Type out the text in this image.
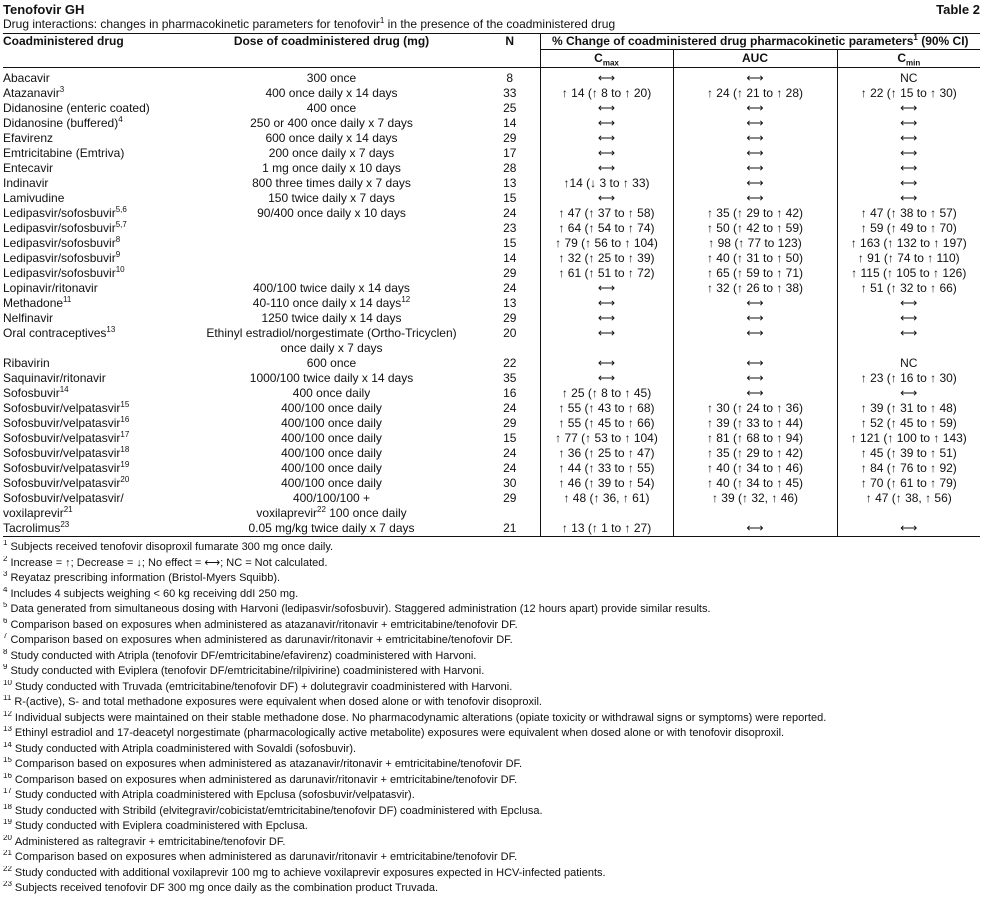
Tenofovir GH	Table 2
Drug interactions: changes in pharmacokinetic parameters for tenofovir$^1$ in the presence of the coadministered drug
Coadministered drug	Dose of coadministered drug (mg)	N	% Change of coadministered drug pharmacokinetic parameters$^1$ (90% CI)		
			$C_{max}$	AUC	$C_{min}$
Abacavir	300 once	8	⟷	⟷	NC
Atazanavir$^3$	400 once daily x 14 days	33	↑ 14 (↑ 8 to ↑ 20)	↑ 24 (↑ 21 to ↑ 28)	↑ 22 (↑ 15 to ↑ 30)
Didanosine (enteric coated)	400 once	25	⟷	⟷	⟷
Didanosine (buffered)$^4$	250 or 400 once daily x 7 days	14	⟷	⟷	⟷
Efavirenz	600 once daily x 14 days	29	⟷	⟷	⟷
Emtricitabine (Emtriva)	200 once daily x 7 days	17	⟷	⟷	⟷
Entecavir	1 mg once daily x 10 days	28	⟷	⟷	⟷
Indinavir	800 three times daily x 7 days	13	↑14 (↓ 3 to ↑ 33)	⟷	⟷
Lamivudine	150 twice daily x 7 days	15	⟷	⟷	⟷
Ledipasvir/sofosbuvir$^{5,6}$	90/400 once daily x 10 days	24	↑ 47 (↑ 37 to ↑ 58)	↑ 35 (↑ 29 to ↑ 42)	↑ 47 (↑ 38 to ↑ 57)
Ledipasvir/sofosbuvir$^{5,7}$		23	↑ 64 (↑ 54 to ↑ 74)	↑ 50 (↑ 42 to ↑ 59)	↑ 59 (↑ 49 to ↑ 70)
Ledipasvir/sofosbuvir$^8$		15	↑ 79 (↑ 56 to ↑ 104)	↑ 98 (↑ 77 to 123)	↑ 163 (↑ 132 to ↑ 197)
Ledipasvir/sofosbuvir$^9$		14	↑ 32 (↑ 25 to ↑ 39)	↑ 40 (↑ 31 to ↑ 50)	↑ 91 (↑ 74 to ↑ 110)
Ledipasvir/sofosbuvir$^{10}$		29	↑ 61 (↑ 51 to ↑ 72)	↑ 65 (↑ 59 to ↑ 71)	↑ 115 (↑ 105 to ↑ 126)
Lopinavir/ritonavir	400/100 twice daily x 14 days	24	⟷	↑ 32 (↑ 26 to ↑ 38)	↑ 51 (↑ 32 to ↑ 66)
Methadone$^{11}$	40-110 once daily x 14 days$^{12}$	13	⟷	⟷	⟷
Nelfinavir	1250 twice daily x 14 days	29	⟷	⟷	⟷
Oral contraceptives$^{13}$	Ethinyl estradiol/norgestimate (Ortho-Tricyclen)	20	⟷	⟷	⟷
	once daily x 7 days				
Ribavirin	600 once	22	⟷	⟷	NC
Saquinavir/ritonavir	1000/100 twice daily x 14 days	35	⟷	⟷	↑ 23 (↑ 16 to ↑ 30)
Sofosbuvir$^{14}$	400 once daily	16	↑ 25 (↑ 8 to ↑ 45)	⟷	⟷
Sofosbuvir/velpatasvir$^{15}$	400/100 once daily	24	↑ 55 (↑ 43 to ↑ 68)	↑ 30 (↑ 24 to ↑ 36)	↑ 39 (↑ 31 to ↑ 48)
Sofosbuvir/velpatasvir$^{16}$	400/100 once daily	29	↑ 55 (↑ 45 to ↑ 66)	↑ 39 (↑ 33 to ↑ 44)	↑ 52 (↑ 45 to ↑ 59)
Sofosbuvir/velpatasvir$^{17}$	400/100 once daily	15	↑ 77 (↑ 53 to ↑ 104)	↑ 81 (↑ 68 to ↑ 94)	↑ 121 (↑ 100 to ↑ 143)
Sofosbuvir/velpatasvir$^{18}$	400/100 once daily	24	↑ 36 (↑ 25 to ↑ 47)	↑ 35 (↑ 29 to ↑ 42)	↑ 45 (↑ 39 to ↑ 51)
Sofosbuvir/velpatasvir$^{19}$	400/100 once daily	24	↑ 44 (↑ 33 to ↑ 55)	↑ 40 (↑ 34 to ↑ 46)	↑ 84 (↑ 76 to ↑ 92)
Sofosbuvir/velpatasvir$^{20}$	400/100 once daily	30	↑ 46 (↑ 39 to ↑ 54)	↑ 40 (↑ 34 to ↑ 45)	↑ 70 (↑ 61 to ↑ 79)
Sofosbuvir/velpatasvir/	400/100/100 +	29	↑ 48 (↑ 36, ↑ 61)	↑ 39 (↑ 32, ↑ 46)	↑ 47 (↑ 38, ↑ 56)
voxilaprevir$^{21}$	voxilaprevir$^{22}$ 100 once daily				
Tacrolimus$^{23}$	0.05 mg/kg twice daily x 7 days	21	↑ 13 (↑ 1 to ↑ 27)	⟷	⟷
$^1$ Subjects received tenofovir disoproxil fumarate 300 mg once daily.
$^2$ Increase = ↑; Decrease = ↓; No effect = ⟷; NC = Not calculated.
$^3$ Reyataz prescribing information (Bristol-Myers Squibb).
$^4$ Includes 4 subjects weighing < 60 kg receiving ddI 250 mg.
$^5$ Data generated from simultaneous dosing with Harvoni (ledipasvir/sofosbuvir). Staggered administration (12 hours apart) provide similar results.
$^6$ Comparison based on exposures when administered as atazanavir/ritonavir + emtricitabine/tenofovir DF.
$^7$ Comparison based on exposures when administered as darunavir/ritonavir + emtricitabine/tenofovir DF.
$^8$ Study conducted with Atripla (tenofovir DF/emtricitabine/efavirenz) coadministered with Harvoni.
$^9$ Study conducted with Eviplera (tenofovir DF/emtricitabine/rilpivirine) coadministered with Harvoni.
$^{10}$ Study conducted with Truvada (emtricitabine/tenofovir DF) + dolutegravir coadministered with Harvoni.
$^{11}$ R-(active), S- and total methadone exposures were equivalent when dosed alone or with tenofovir disoproxil.
$^{12}$ Individual subjects were maintained on their stable methadone dose. No pharmacodynamic alterations (opiate toxicity or withdrawal signs or symptoms) were reported.
$^{13}$ Ethinyl estradiol and 17-deacetyl norgestimate (pharmacologically active metabolite) exposures were equivalent when dosed alone or with tenofovir disoproxil.
$^{14}$ Study conducted with Atripla coadministered with Sovaldi (sofosbuvir).
$^{15}$ Comparison based on exposures when administered as atazanavir/ritonavir + emtricitabine/tenofovir DF.
$^{16}$ Comparison based on exposures when administered as darunavir/ritonavir + emtricitabine/tenofovir DF.
$^{17}$ Study conducted with Atripla coadministered with Epclusa (sofosbuvir/velpatasvir).
$^{18}$ Study conducted with Stribild (elvitegravir/cobicistat/emtricitabine/tenofovir DF) coadministered with Epclusa.
$^{19}$ Study conducted with Eviplera coadministered with Epclusa.
$^{20}$ Administered as raltegravir + emtricitabine/tenofovir DF.
$^{21}$ Comparison based on exposures when administered as darunavir/ritonavir + emtricitabine/tenofovir DF.
$^{22}$ Study conducted with additional voxilaprevir 100 mg to achieve voxilaprevir exposures expected in HCV-infected patients.
$^{23}$ Subjects received tenofovir DF 300 mg once daily as the combination product Truvada.
